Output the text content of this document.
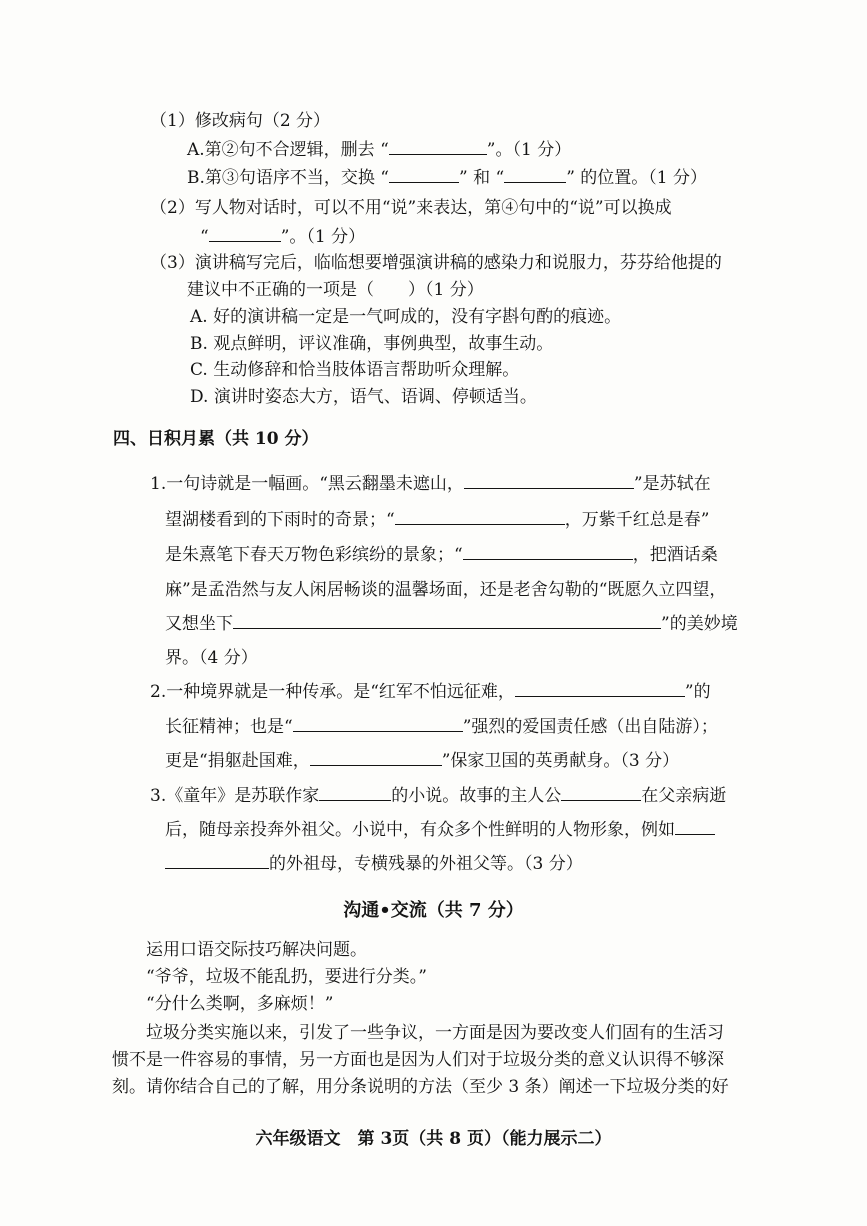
（1）修改病句（2 分）
A.第②句不合逻辑，删去 “	”。（1 分）
B.第③句语序不当，交换 “	” 和 “	” 的位置。（1 分）
（2）写人物对话时，可以不用“说”来表达，第④句中的“说”可以换成
“	”。（1 分）
（3）演讲稿写完后，临临想要增强演讲稿的感染力和说服力，芬芬给他提的
建议中不正确的一项是（　　）（1 分）
A. 好的演讲稿一定是一气呵成的，没有字斟句酌的痕迹。
B. 观点鲜明，评议准确，事例典型，故事生动。
C. 生动修辞和恰当肢体语言帮助听众理解。
D. 演讲时姿态大方，语气、语调、停顿适当。
四、日积月累（共 10 分）
1.一句诗就是一幅画。“黑云翻墨未遮山，	”是苏轼在
望湖楼看到的下雨时的奇景；“	，万紫千红总是春”
是朱熹笔下春天万物色彩缤纷的景象；“	，把酒话桑
麻”是孟浩然与友人闲居畅谈的温馨场面，还是老舍勾勒的“既愿久立四望，
又想坐下	”的美妙境
界。（4 分）
2.一种境界就是一种传承。是“红军不怕远征难，	”的
长征精神；也是“	”强烈的爱国责任感（出自陆游）；
更是“捐躯赴国难，	”保家卫国的英勇献身。（3 分）
3.《童年》是苏联作家	的小说。故事的主人公	在父亲病逝
后，随母亲投奔外祖父。小说中，有众多个性鲜明的人物形象，例如
的外祖母，专横残暴的外祖父等。（3 分）
沟通•交流（共 7 分）
运用口语交际技巧解决问题。
“爷爷，垃圾不能乱扔，要进行分类。”
“分什么类啊，多麻烦！”
垃圾分类实施以来，引发了一些争议，一方面是因为要改变人们固有的生活习
惯不是一件容易的事情，另一方面也是因为人们对于垃圾分类的意义认识得不够深
刻。请你结合自己的了解，用分条说明的方法（至少 3 条）阐述一下垃圾分类的好
六年级语文　第 3页（共 8 页）（能力展示二）
